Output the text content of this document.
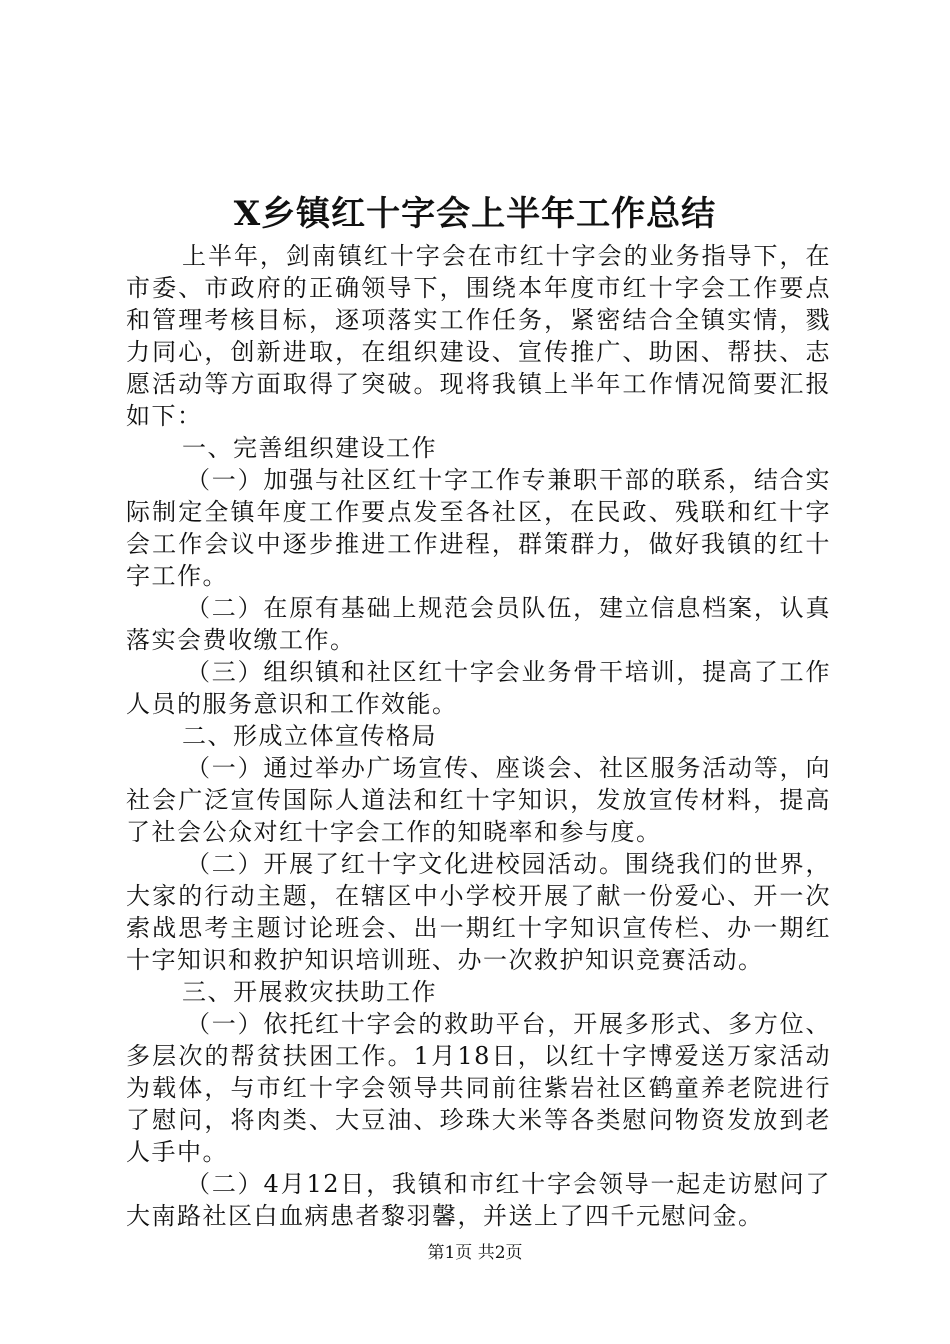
X乡镇红十字会上半年工作总结

上半年，剑南镇红十字会在市红十字会的业务指导下，在市委、市政府的正确领导下，围绕本年度市红十字会工作要点和管理考核目标，逐项落实工作任务，紧密结合全镇实情，戮力同心，创新进取，在组织建设、宣传推广、助困、帮扶、志愿活动等方面取得了突破。现将我镇上半年工作情况简要汇报如下：

一、完善组织建设工作

（一）加强与社区红十字工作专兼职干部的联系，结合实际制定全镇年度工作要点发至各社区，在民政、残联和红十字会工作会议中逐步推进工作进程，群策群力，做好我镇的红十字工作。

（二）在原有基础上规范会员队伍，建立信息档案，认真落实会费收缴工作。

（三）组织镇和社区红十字会业务骨干培训，提高了工作人员的服务意识和工作效能。

二、形成立体宣传格局

（一）通过举办广场宣传、座谈会、社区服务活动等，向社会广泛宣传国际人道法和红十字知识，发放宣传材料，提高了社会公众对红十字会工作的知晓率和参与度。

（二）开展了红十字文化进校园活动。围绕我们的世界，大家的行动主题，在辖区中小学校开展了献一份爱心、开一次索战思考主题讨论班会、出一期红十字知识宣传栏、办一期红十字知识和救护知识培训班、办一次救护知识竞赛活动。

三、开展救灾扶助工作

（一）依托红十字会的救助平台，开展多形式、多方位、多层次的帮贫扶困工作。1月18日，以红十字博爱送万家活动为载体，与市红十字会领导共同前往紫岩社区鹤童养老院进行了慰问，将肉类、大豆油、珍珠大米等各类慰问物资发放到老人手中。

（二）4月12日，我镇和市红十字会领导一起走访慰问了大南路社区白血病患者黎羽馨，并送上了四千元慰问金。

第1页 共2页
